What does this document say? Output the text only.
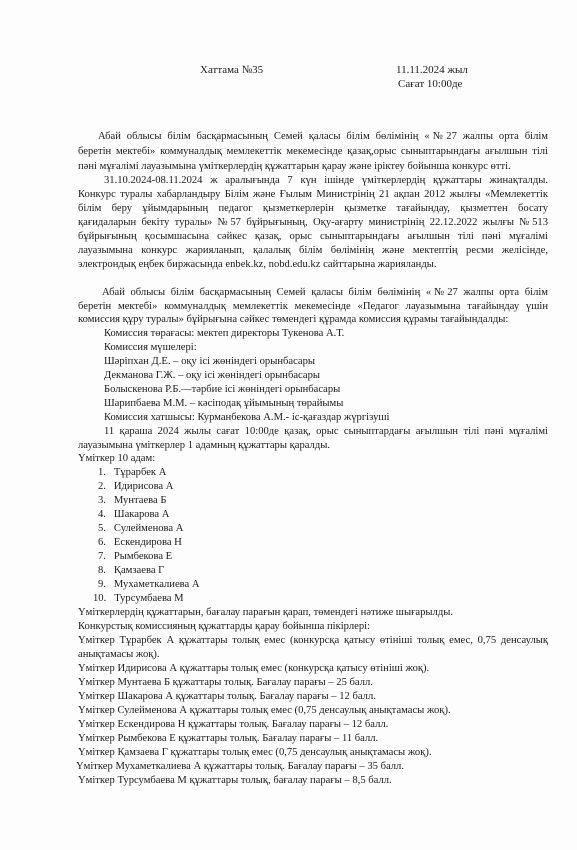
Хаттама №35	11.11.2024 жыл
Сағат 10:00де
Абай облысы білім басқармасының Семей қаласы білім бөлімінің «№27 жалпы орта білім
беретін мектебі» коммуналдық мемлекеттік мекемесінде қазақ,орыс сыныптарындағы ағылшын тілі
пәні мұғалімі лауазымына үміткерлердің құжаттарын қарау және іріктеу бойынша конкурс өтті.
31.10.2024-08.11.2024 ж аралығында 7 күн ішінде үміткерлердің құжаттары жинақталды.
Конкурс туралы хабарландыру Білім және Ғылым Министрінің 21 ақпан 2012 жылғы «Мемлекеттік
білім беру ұйымдарының педагог қызметкерлерін қызметке тағайындау, қызметтен босату
қағидаларын бекіту туралы» №57 бұйрығының, Оқу-ағарту министрінің 22.12.2022 жылғы №513
бұйрығының қосымшасына сәйкес қазақ, орыс сыныптарындағы ағылшын тілі пәні мұғалімі
лауазымына конкурс жарияланып, қалалық білім бөлімінің және мектептің ресми желісінде,
электрондық еңбек биржасында enbek.kz, nobd.edu.kz сайттарына жарияланды.
Абай облысы білім басқармасының Семей қаласы білім бөлімінің «№27 жалпы орта білім
беретін мектебі» коммуналдық мемлекеттік мекемесінде «Педагог лауазымына тағайындау үшін
комиссия құру туралы» бұйрығына сәйкес төмендегі құрамда комиссия құрамы тағайындалды:
Комиссия төрағасы: мектеп директоры Тукенова А.Т.
Комиссия мүшелері:
Шәріпхан Д.Е. – оқу ісі жөніндегі орынбасары
Декманова Г.Ж. – оқу ісі жөніндегі орынбасары
Болыскенова Р.Б.—тәрбие ісі жөніндегі орынбасары
Шарипбаева М.М. – кәсіподақ ұйымының төрайымы
Комиссия хатшысы: Курманбекова А.М.- іс-қағаздар жүргізуші
11 қараша 2024 жылы сағат 10:00де қазақ, орыс сыныптардағы ағылшын тілі пәні мұғалімі
лауазымына үміткерлер 1 адамның құжаттары қаралды.
Үміткер 10 адам:
1.   Тұрарбек А
2.   Идирисова А
3.   Мунтаева Б
4.   Шакарова А
5.   Сулейменова А
6.   Ескендирова Н
7.   Рымбекова Е
8.   Қамзаева Г
9.   Мухаметкалиева А
10.   Турсумбаева М
Үміткерлердің құжаттарын, бағалау парағын қарап, төмендегі нәтиже шығарылды.
Конкурстық комиссияның құжаттарды қарау бойынша пікірлері:
Үміткер Тұрарбек А құжаттары толық емес (конкурсқа қатысу өтініші толық емес, 0,75 денсаулық
анықтамасы жоқ).
Үміткер Идирисова А құжаттары толық емес (конкурсқа қатысу өтініші жоқ).
Үміткер Мунтаева Б құжаттары толық. Бағалау парағы – 25 балл.
Үміткер Шакарова А құжаттары толық. Бағалау парағы – 12 балл.
Үміткер Сулейменова А құжаттары толық емес (0,75 денсаулық анықтамасы жоқ).
Үміткер Ескендирова Н құжаттары толық. Бағалау парағы – 12 балл.
Үміткер Рымбекова Е құжаттары толық. Бағалау парағы – 11 балл.
Үміткер Қамзаева Г құжаттары толық емес (0,75 денсаулық анықтамасы жоқ).
Үміткер Мухаметкалиева А құжаттары толық. Бағалау парағы – 35 балл.
Үміткер Турсумбаева М құжаттары толық, бағалау парағы – 8,5 балл.
